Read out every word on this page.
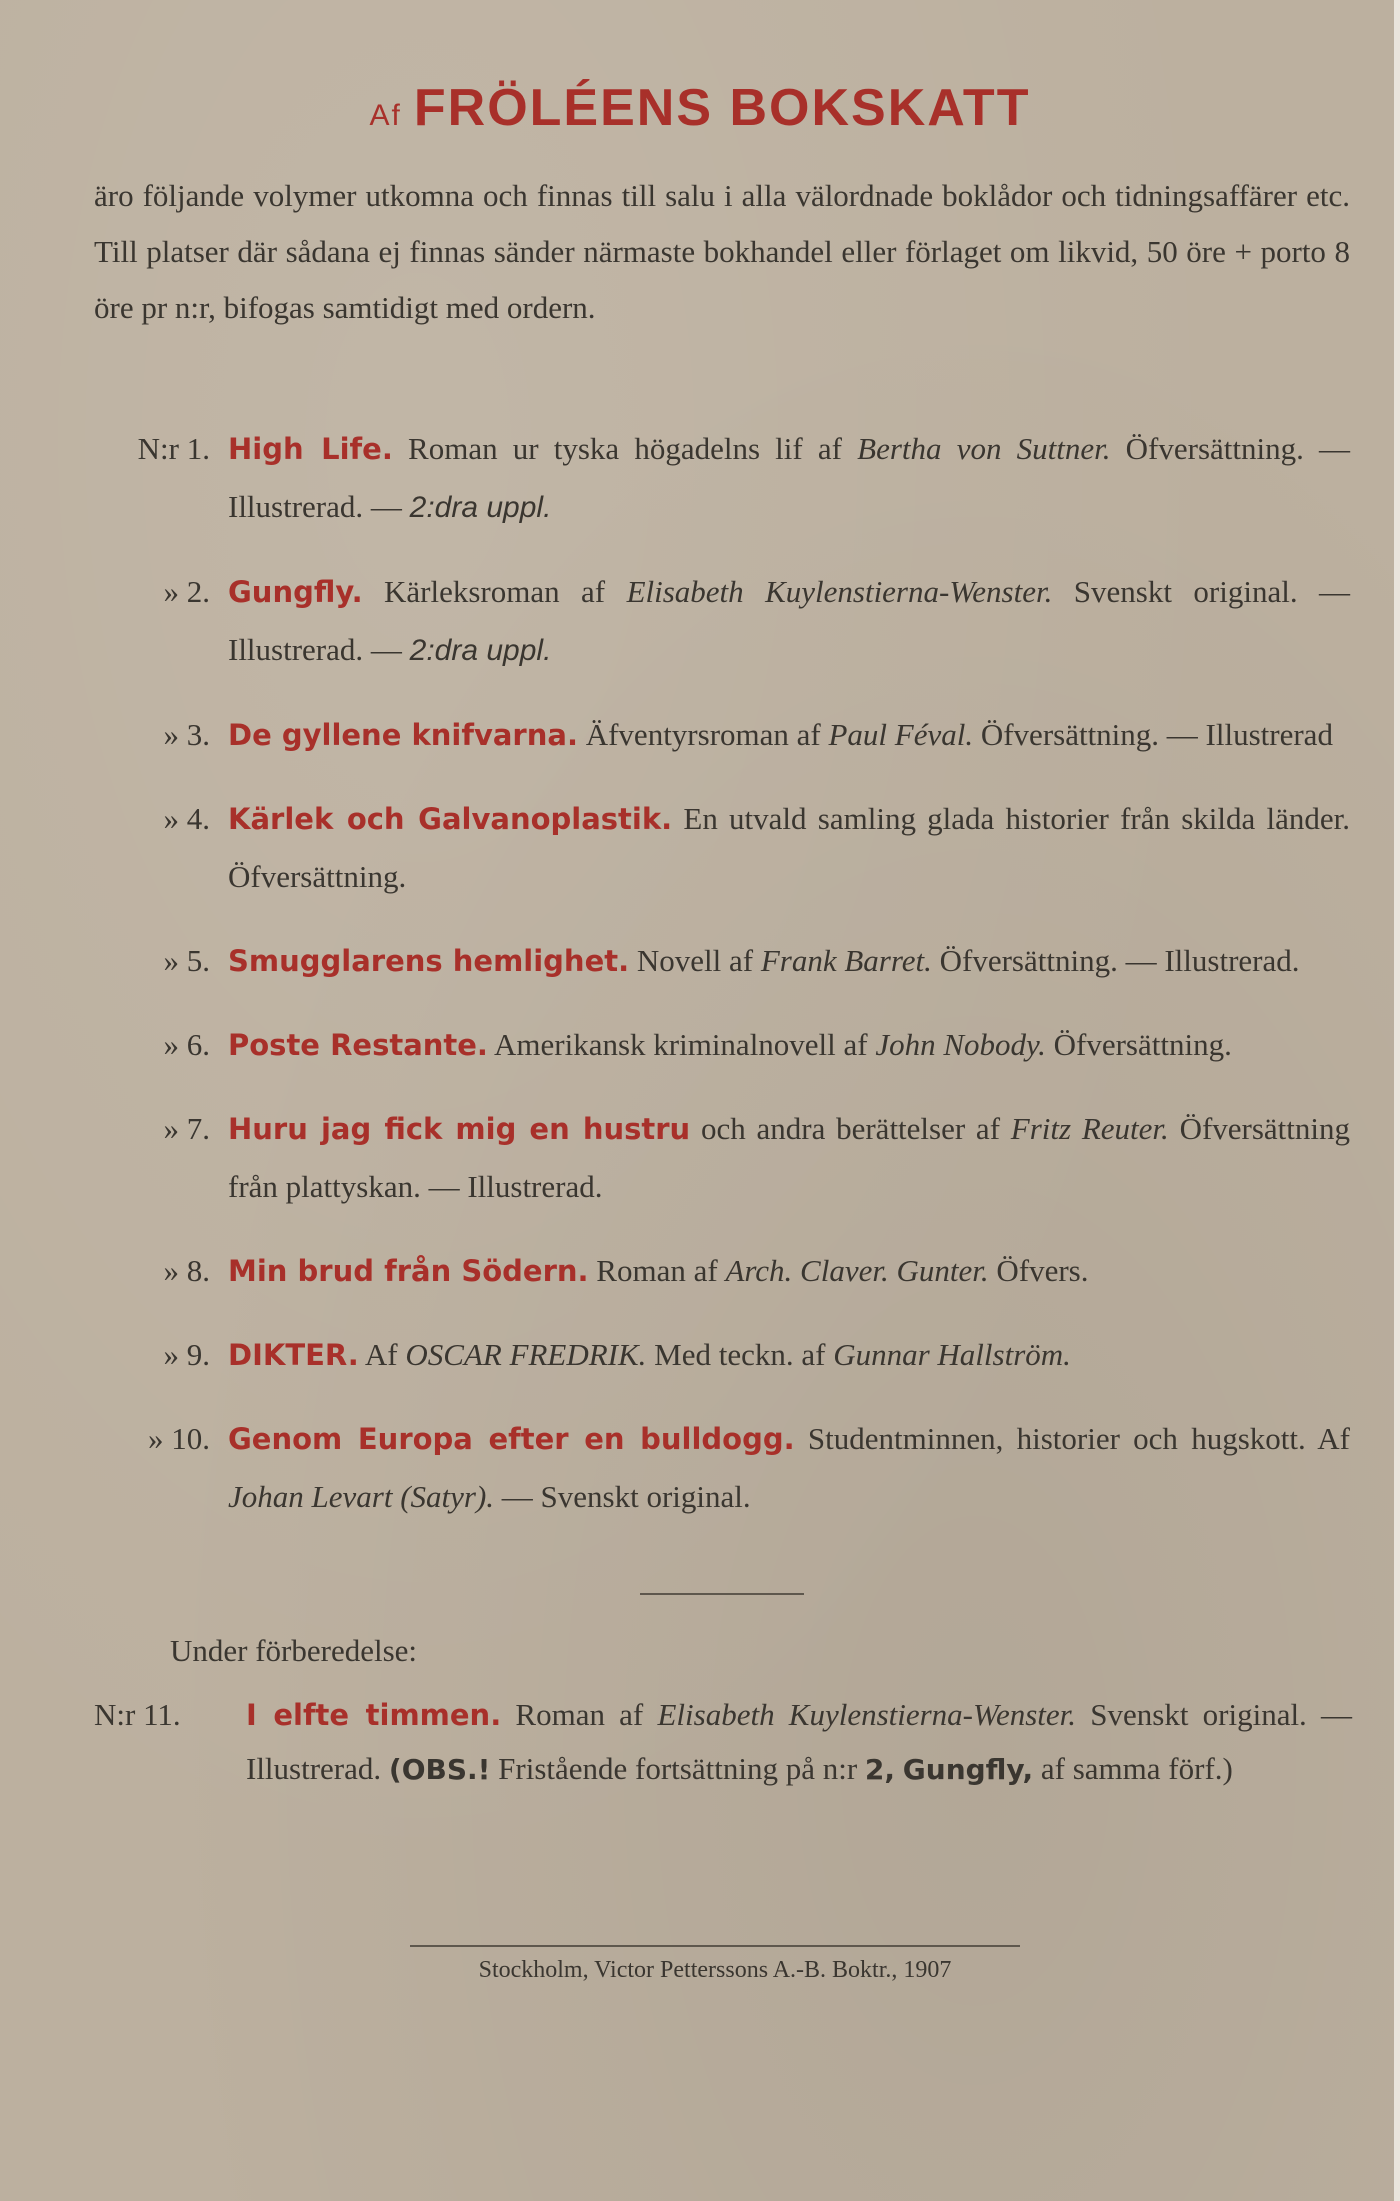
Af FRÖLÉENS BOKSKATT
äro följande volymer utkomna och finnas till salu i alla välordnade boklådor och tidningsaffärer etc. Till platser där sådana ej finnas sänder närmaste bokhandel eller förlaget om likvid, 50 öre + porto 8 öre pr n:r, bifogas samtidigt med ordern.
N:r 1. High Life. Roman ur tyska högadelns lif af Bertha von Suttner. Öfversättning. — Illustrerad. — 2:dra uppl.
» 2. Gungfly. Kärleksroman af Elisabeth Kuylenstierna-Wenster. Svenskt original. — Illustrerad. — 2:dra uppl.
» 3. De gyllene knifvarna. Äfventyrsroman af Paul Féval. Öfversättning. — Illustrerad
» 4. Kärlek och Galvanoplastik. En utvald samling glada historier från skilda länder. Öfversättning.
» 5. Smugglarens hemlighet. Novell af Frank Barret. Öfversättning. — Illustrerad.
» 6. Poste Restante. Amerikansk kriminalnovell af John Nobody. Öfversättning.
» 7. Huru jag fick mig en hustru och andra berättelser af Fritz Reuter. Öfversättning från plattyskan. — Illustrerad.
» 8. Min brud från Södern. Roman af Arch. Claver. Gunter. Öfvers.
» 9. DIKTER. Af OSCAR FREDRIK. Med teckn. af Gunnar Hallström.
» 10. Genom Europa efter en bulldogg. Studentminnen, historier och hugskott. Af Johan Levart (Satyr). — Svenskt original.
Under förberedelse:
N:r 11.	I elfte timmen. Roman af Elisabeth Kuylenstierna-Wenster. Svenskt original. — Illustrerad. (OBS.! Fristående fortsättning på n:r 2, Gungfly, af samma förf.)
Stockholm, Victor Petterssons A.-B. Boktr., 1907
